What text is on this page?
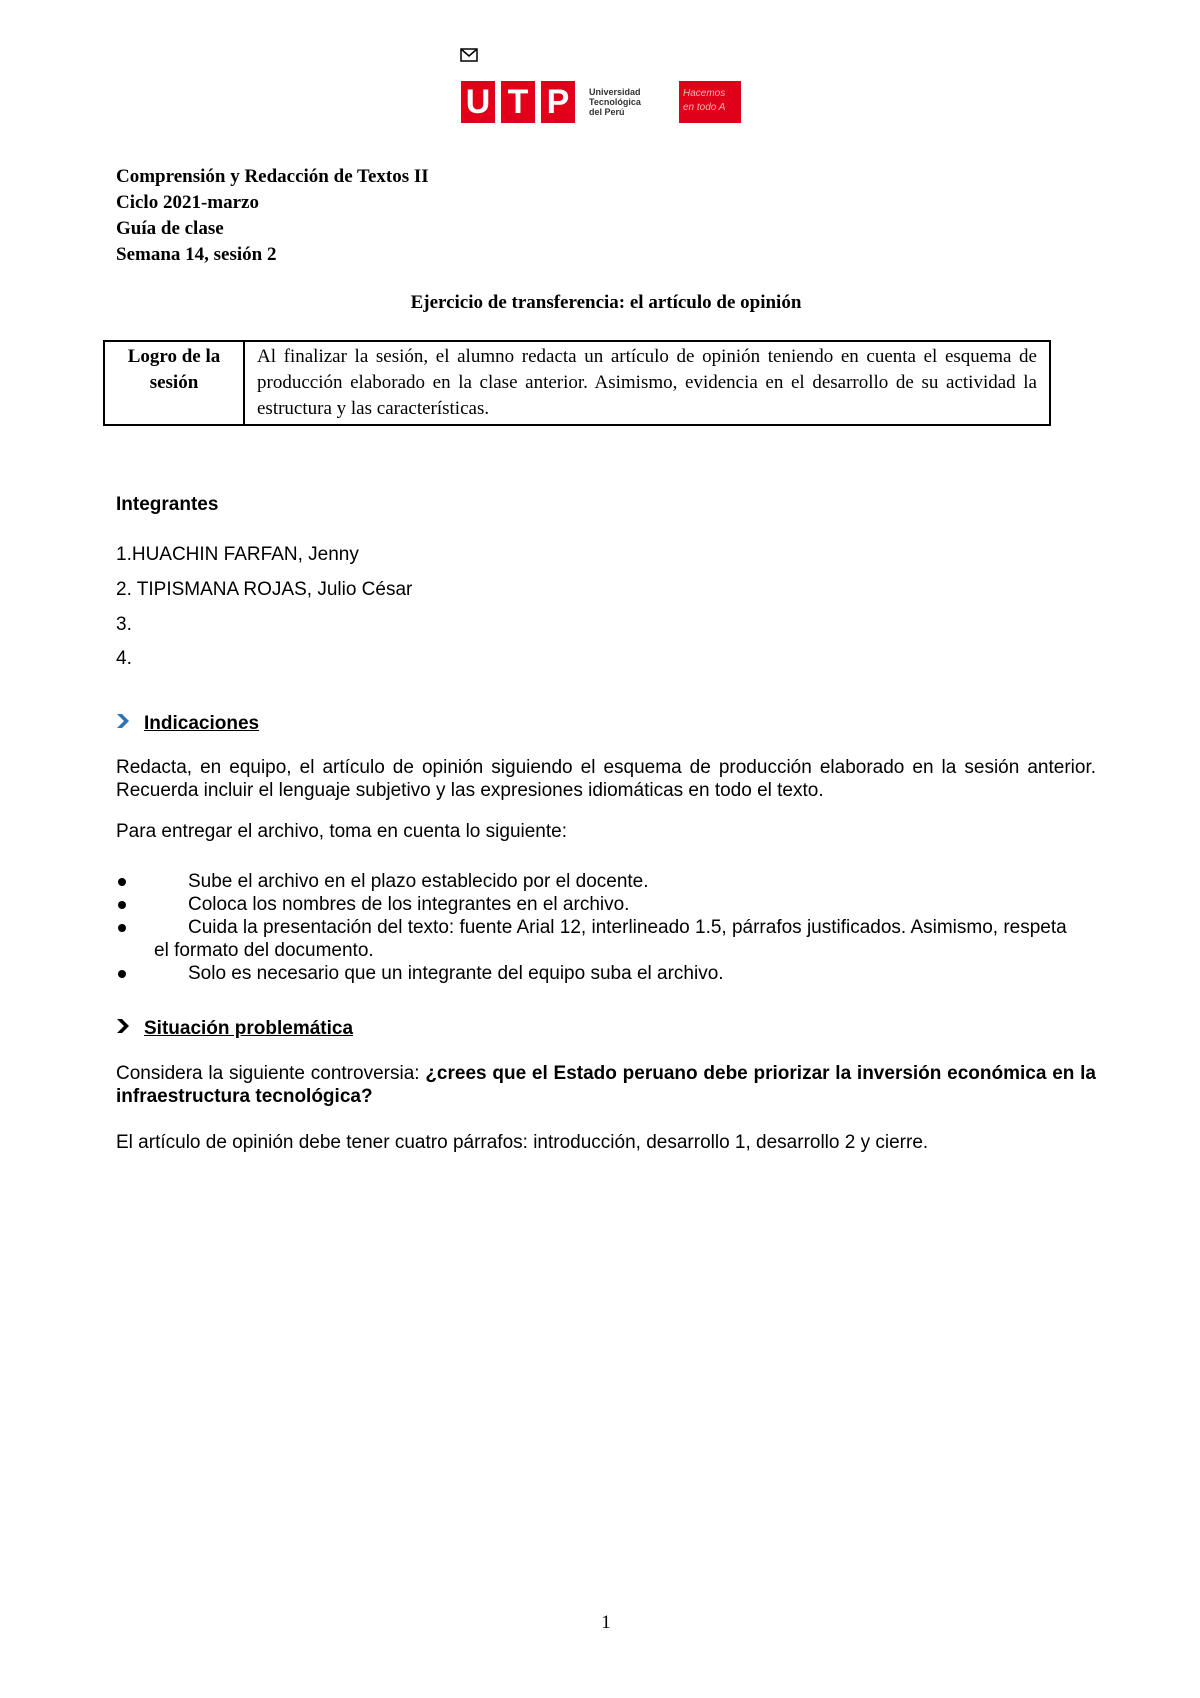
U T P	Universidad
Tecnológica
del Perú
Hacemos
en todo A
Comprensión y Redacción de Textos II
Ciclo 2021-marzo
Guía de clase
Semana 14, sesión 2
Ejercicio de transferencia: el artículo de opinión
Logro de la sesión	Al finalizar la sesión, el alumno redacta un artículo de opinión teniendo en cuenta el esquema de producción elaborado en la clase anterior. Asimismo, evidencia en el desarrollo de su actividad la estructura y las características.
Integrantes
1.HUACHIN FARFAN, Jenny
2. TIPISMANA ROJAS, Julio César
3.
4.
Indicaciones
Redacta, en equipo, el artículo de opinión siguiendo el esquema de producción elaborado en la sesión anterior. Recuerda incluir el lenguaje subjetivo y las expresiones idiomáticas en todo el texto.
Para entregar el archivo, toma en cuenta lo siguiente:
Sube el archivo en el plazo establecido por el docente.
Coloca los nombres de los integrantes en el archivo.
Cuida la presentación del texto: fuente Arial 12, interlineado 1.5, párrafos justificados. Asimismo, respeta el formato del documento.
Solo es necesario que un integrante del equipo suba el archivo.
Situación problemática
Considera la siguiente controversia: ¿crees que el Estado peruano debe priorizar la inversión económica en la infraestructura tecnológica?
El artículo de opinión debe tener cuatro párrafos: introducción, desarrollo 1, desarrollo 2 y cierre.
1
